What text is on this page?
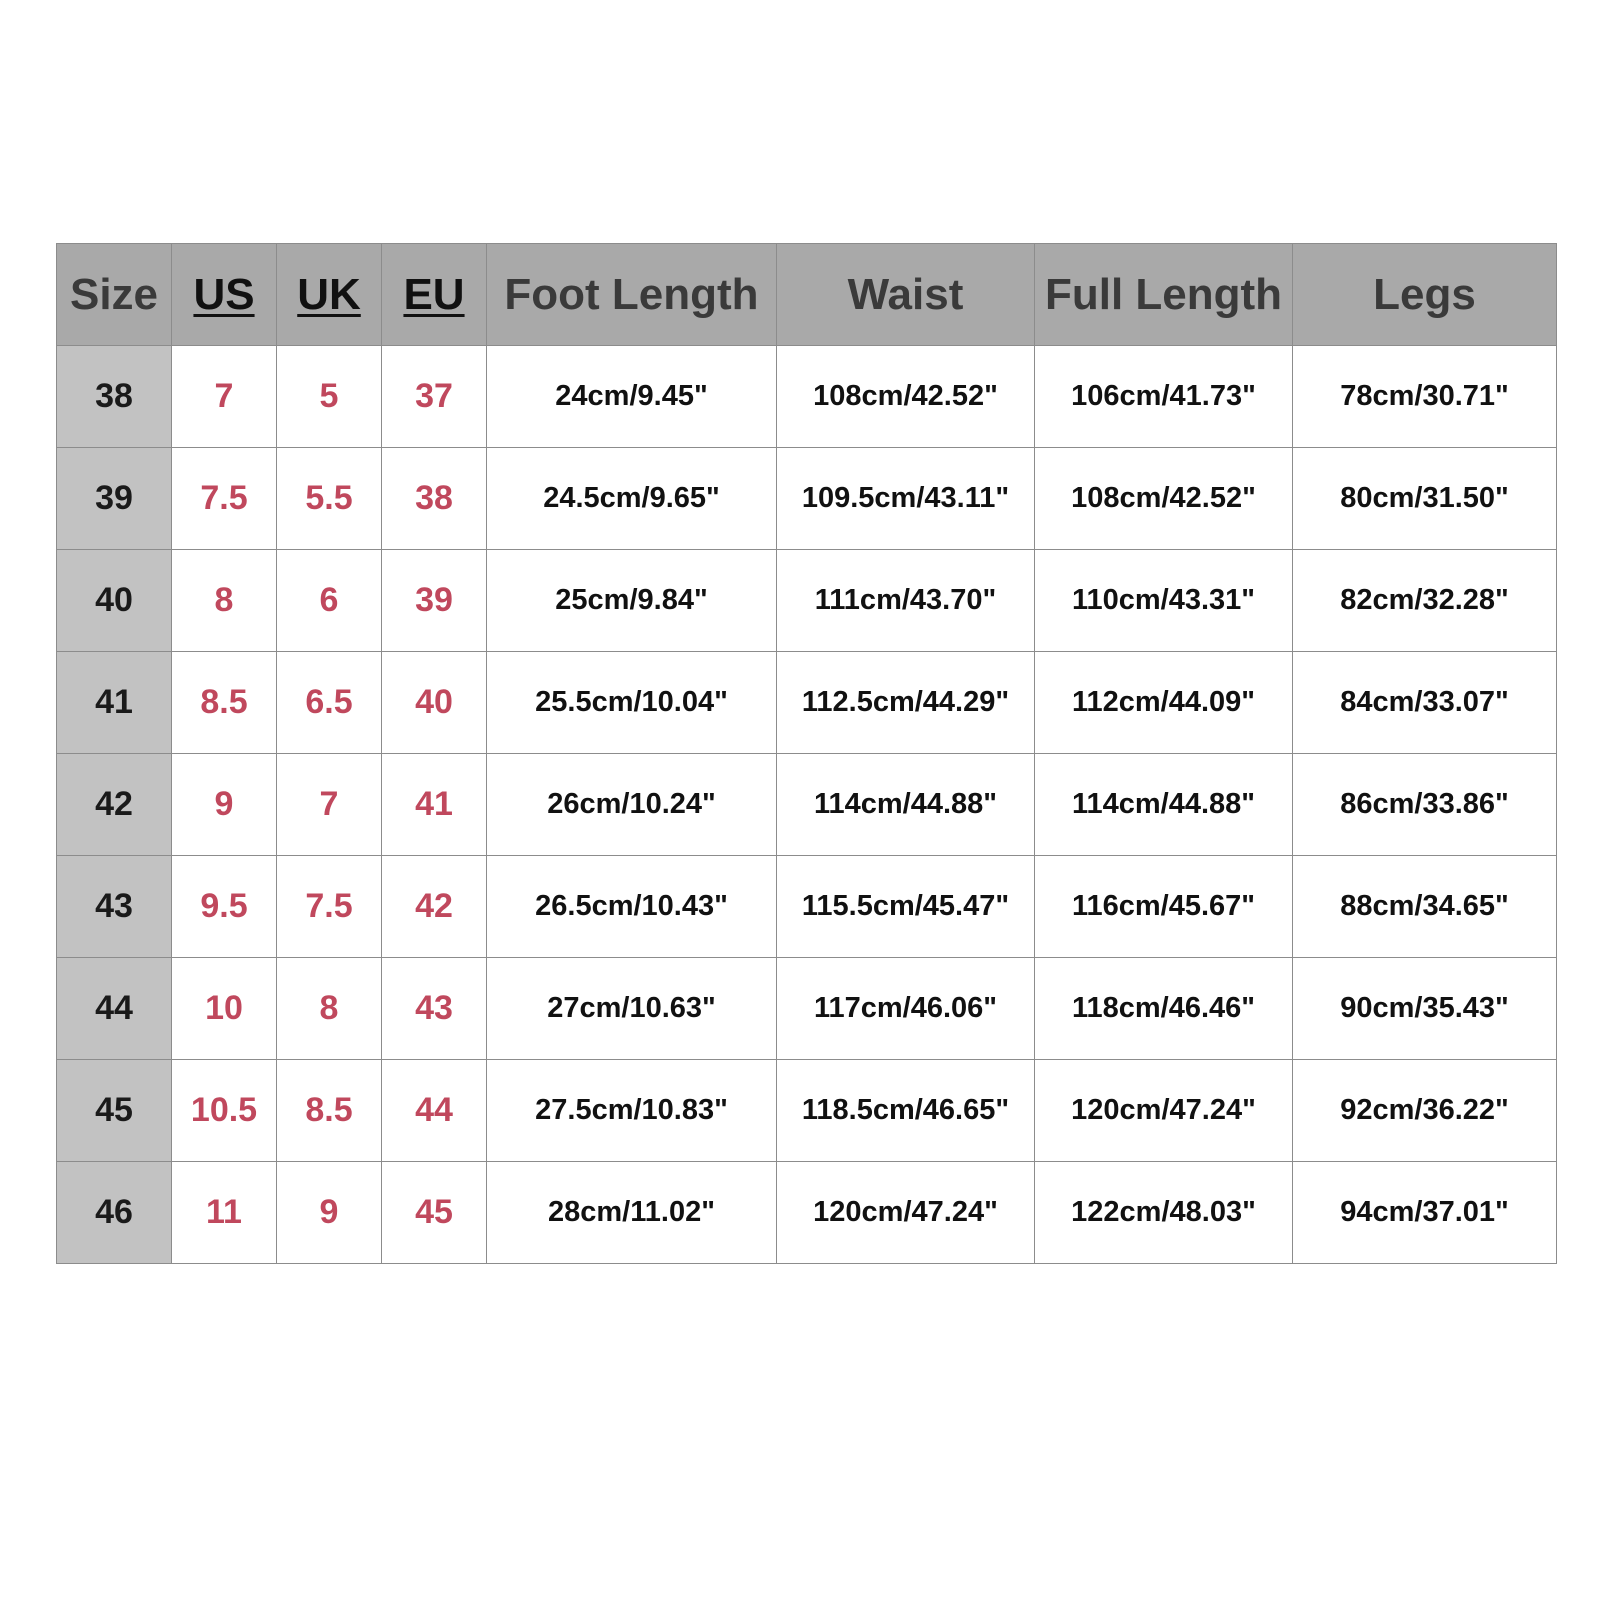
Size	US	UK	EU	Foot Length	Waist	Full Length	Legs
38	7	5	37	24cm/9.45"	108cm/42.52"	106cm/41.73"	78cm/30.71"
39	7.5	5.5	38	24.5cm/9.65"	109.5cm/43.11"	108cm/42.52"	80cm/31.50"
40	8	6	39	25cm/9.84"	111cm/43.70"	110cm/43.31"	82cm/32.28"
41	8.5	6.5	40	25.5cm/10.04"	112.5cm/44.29"	112cm/44.09"	84cm/33.07"
42	9	7	41	26cm/10.24"	114cm/44.88"	114cm/44.88"	86cm/33.86"
43	9.5	7.5	42	26.5cm/10.43"	115.5cm/45.47"	116cm/45.67"	88cm/34.65"
44	10	8	43	27cm/10.63"	117cm/46.06"	118cm/46.46"	90cm/35.43"
45	10.5	8.5	44	27.5cm/10.83"	118.5cm/46.65"	120cm/47.24"	92cm/36.22"
46	11	9	45	28cm/11.02"	120cm/47.24"	122cm/48.03"	94cm/37.01"
